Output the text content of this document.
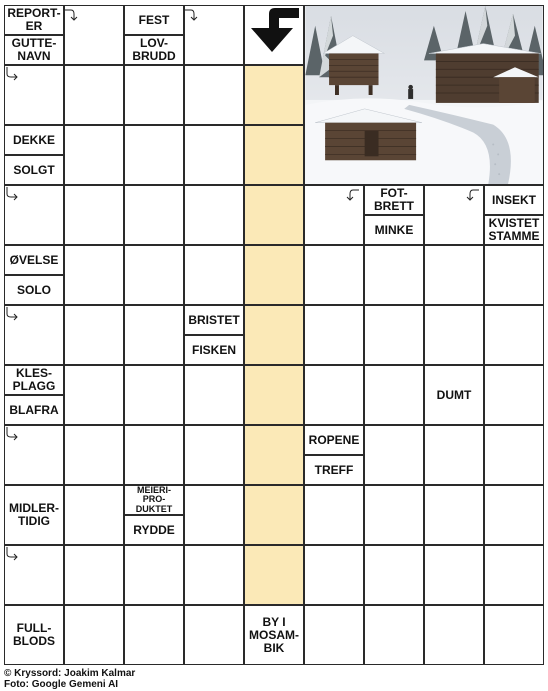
REPORT-
ER
GUTTE-
NAVN
FEST
LOV-
BRUDD
DEKKE
SOLGT
FOT-
BRETT
MINKE
INSEKT
KVISTET
STAMME
ØVELSE
SOLO
BRISTET
FISKEN
KLES-
PLAGG
BLAFRA
DUMT
ROPENE
TREFF
MIDLER-
TIDIG
MEIERI-
PRO-
DUKTET
RYDDE
FULL-
BLODS
BY I
MOSAM-
BIK
© Kryssord: Joakim Kalmar
Foto: Google Gemeni AI
